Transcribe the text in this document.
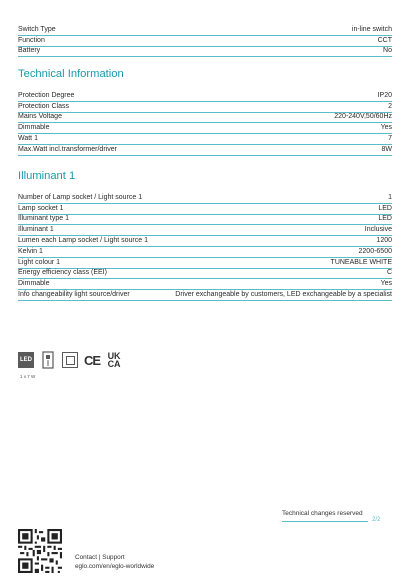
Switch Type	in-line switch
Function	CCT
Battery	No
Technical Information
Protection Degree	IP20
Protection Class	2
Mains Voltage	220-240V,50/60Hz
Dimmable	Yes
Watt 1	7
Max.Watt incl.transformer/driver	8W
Illuminant 1
Number of Lamp socket / Light source 1	1
Lamp socket 1	LED
Illuminant type 1	LED
Illuminant 1	Inclusive
Lumen each Lamp socket / Light source 1	1200
Kelvin 1	2200-6500
Light colour 1	TUNEABLE WHITE
Energy efficiency class (EEI)	C
Dimmable	Yes
Info changeability light source/driver	Driver exchangeable by customers, LED exchangeable by a specialist
LED	CE UK
CA
1 x 7 W
Technical changes reserved
2/2
Contact | Support
eglo.com/en/eglo-worldwide
